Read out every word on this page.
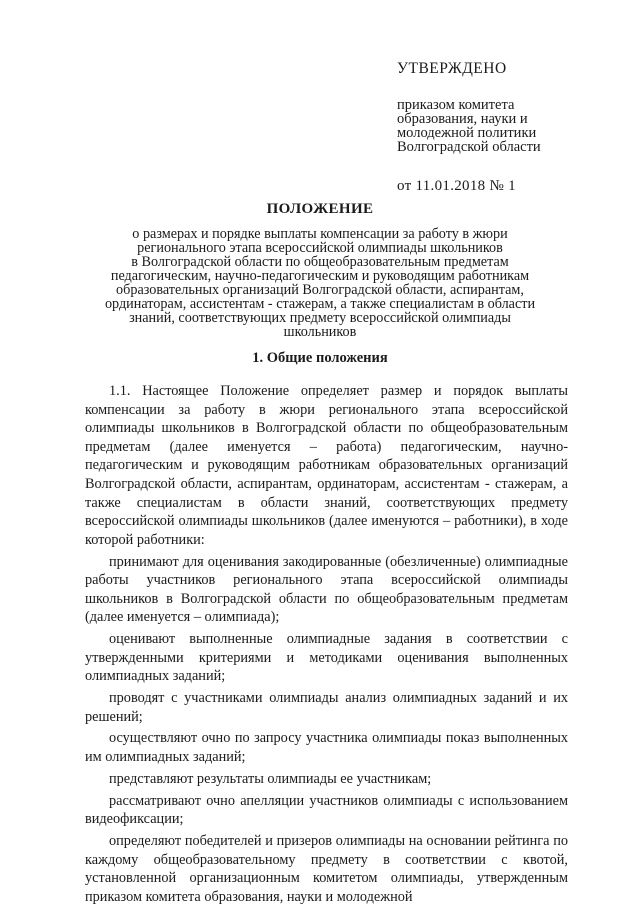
УТВЕРЖДЕНО

приказом комитета
образования, науки и
молодежной политики
Волгоградской области

от 11.01.2018 № 1

ПОЛОЖЕНИЕ

о размерах и порядке выплаты компенсации за работу в жюри
регионального этапа всероссийской олимпиады школьников
в Волгоградской области по общеобразовательным предметам
педагогическим, научно-педагогическим и руководящим работникам
образовательных организаций Волгоградской области, аспирантам,
ординаторам, ассистентам - стажерам, а также специалистам в области
знаний, соответствующих предмету всероссийской олимпиады
школьников

1. Общие положения

1.1. Настоящее Положение определяет размер и порядок выплаты компенсации за работу в жюри регионального этапа всероссийской олимпиады школьников в Волгоградской области по общеобразовательным предметам (далее именуется – работа) педагогическим, научно-педагогическим и руководящим работникам образовательных организаций Волгоградской области, аспирантам, ординаторам, ассистентам - стажерам, а также специалистам в области знаний, соответствующих предмету всероссийской олимпиады школьников (далее именуются – работники), в ходе которой работники:

принимают для оценивания закодированные (обезличенные) олимпиадные работы участников регионального этапа всероссийской олимпиады школьников в Волгоградской области по общеобразовательным предметам (далее именуется – олимпиада);

оценивают выполненные олимпиадные задания в соответствии с утвержденными критериями и методиками оценивания выполненных олимпиадных заданий;

проводят с участниками олимпиады анализ олимпиадных заданий и их решений;

осуществляют очно по запросу участника олимпиады показ выполненных им олимпиадных заданий;

представляют результаты олимпиады ее участникам;

рассматривают очно апелляции участников олимпиады с использованием видеофиксации;

определяют победителей и призеров олимпиады на основании рейтинга по каждому общеобразовательному предмету в соответствии с квотой, установленной организационным комитетом олимпиады, утвержденным приказом комитета образования, науки и молодежной
